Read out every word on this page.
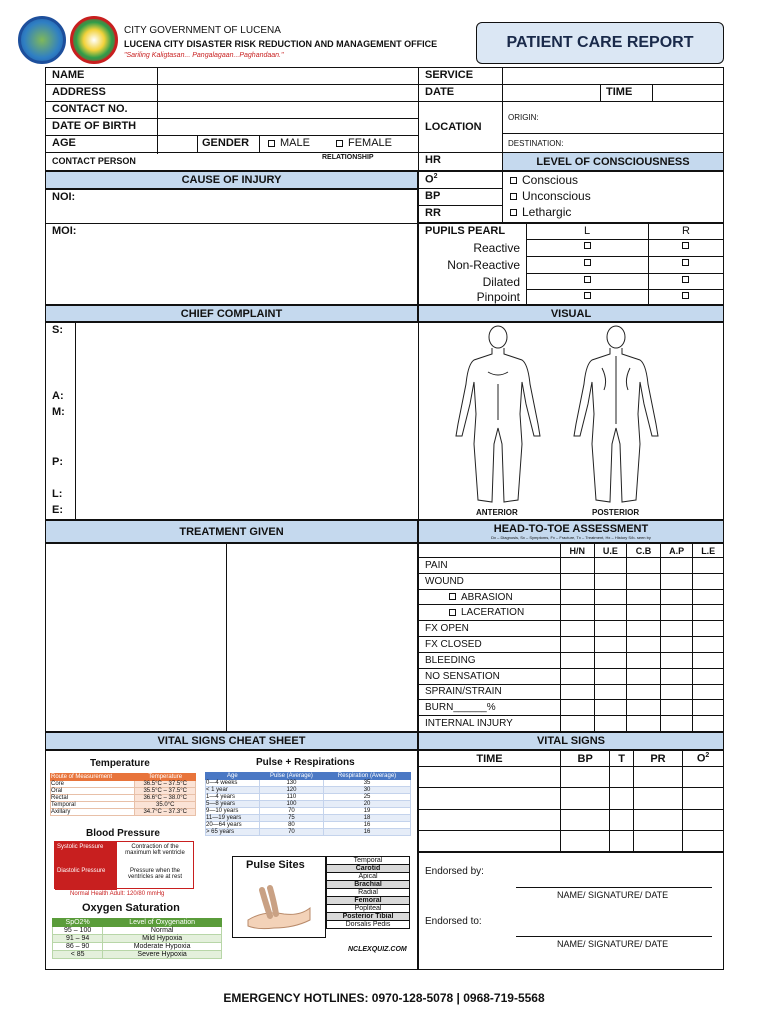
CITY GOVERNMENT OF LUCENA
LUCENA CITY DISASTER RISK REDUCTION AND MANAGEMENT OFFICE
"Sariling Kaligtasan... Pangalagaan...Paghandaan."
PATIENT CARE REPORT
NAME
ADDRESS
CONTACT NO.
DATE OF BIRTH
AGE	GENDER	MALE	FEMALE
CONTACT PERSON	RELATIONSHIP
SERVICE
DATE	TIME
LOCATION
ORIGIN:
DESTINATION:
HR	LEVEL OF CONSCIOUSNESS
$O^2$
BP
RR
Conscious
Unconscious
Lethargic
CAUSE OF INJURY
NOI:
MOI:	PUPILS PEARL	L	R
Reactive
Non-Reactive
Dilated
Pinpoint
CHIEF COMPLAINT	VISUAL
S:
A:
M:
P:
L:
E:	ANTERIOR	POSTERIOR
TREATMENT GIVEN	HEAD-TO-TOE ASSESSMENT
Dx – Diagnosis, Sx – Symptoms, Fx – Fracture, Tx – Treatment, Hx – History S/b- seen by
	H/N	U.E	C.B	A.P	L.E
PAIN					
WOUND					
ABRASION					
LACERATION					
FX OPEN					
FX CLOSED					
BLEEDING					
NO SENSATION					
SPRAIN/STRAIN					
BURN______%					
INTERNAL INJURY					
VITAL SIGNS CHEAT SHEET
Temperature
Route of Measurement	Temperature
Core	36.5°C – 37.5°C
Oral	35.5°C – 37.5°C
Rectal	36.6°C – 38.0°C
Temporal	35.0°C
Axillary	34.7°C – 37.3°C
Pulse + Respirations
Age	Pulse (Average)	Respiration (Average)
0—4 weeks	130	35
< 1 year	120	30
1—4 years	110	25
5—8 years	100	20
9—10 years	70	19
11—19 years	75	18
20—64 years	80	16
> 65 years	70	16
Blood Pressure
Systolic Pressure	Contraction of the maximum left ventricle
Diastolic Pressure	Pressure when the ventricles are at rest
Normal Health Adult: 120/80 mmHg
Oxygen Saturation
SpO2%	Level of Oxygenation
95 – 100	Normal
91 – 94	Mild Hypoxia
86 – 90	Moderate Hypoxia
< 85	Severe Hypoxia
Pulse Sites	Temporal
Carotid
Apical
Brachial
Radial
Femoral
Popliteal
Posterior Tibial
Dorsalis Pedis
NCLEXQUIZ.COM
VITAL SIGNS
TIME	BP	T	PR	$O^2$

Endorsed by:
NAME/ SIGNATURE/ DATE
Endorsed to:
NAME/ SIGNATURE/ DATE
EMERGENCY HOTLINES: 0970-128-5078 | 0968-719-5568
